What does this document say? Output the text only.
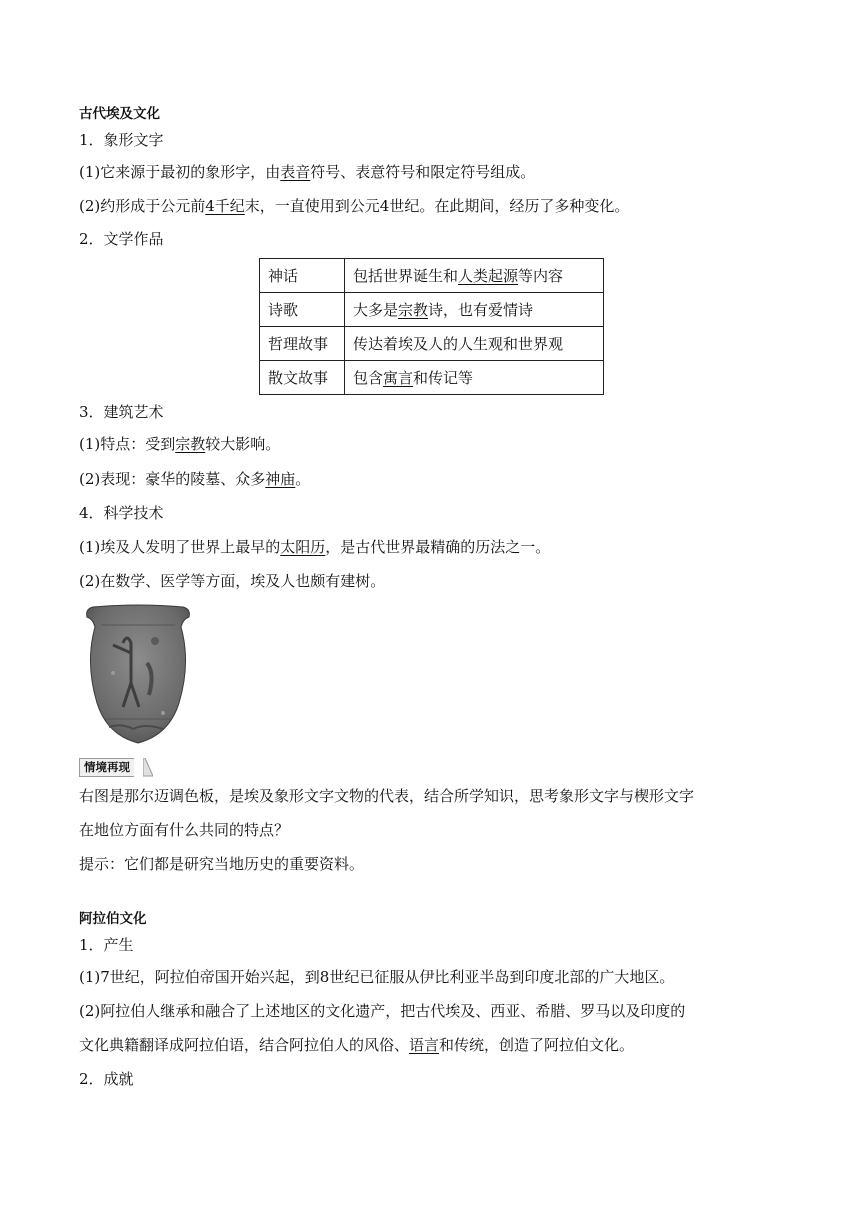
古代埃及文化
1．象形文字
(1)它来源于最初的象形字，由表音符号、表意符号和限定符号组成。
(2)约形成于公元前4千纪末，一直使用到公元4世纪。在此期间，经历了多种变化。
2．文学作品
神话	包括世界诞生和人类起源等内容
诗歌	大多是宗教诗，也有爱情诗
哲理故事	传达着埃及人的人生观和世界观
散文故事	包含寓言和传记等
3．建筑艺术
(1)特点：受到宗教较大影响。
(2)表现：豪华的陵墓、众多神庙。
4．科学技术
(1)埃及人发明了世界上最早的太阳历，是古代世界最精确的历法之一。
(2)在数学、医学等方面，埃及人也颇有建树。
情境再现
右图是那尔迈调色板，是埃及象形文字文物的代表，结合所学知识，思考象形文字与楔形文字
在地位方面有什么共同的特点？
提示：它们都是研究当地历史的重要资料。
阿拉伯文化
1．产生
(1)7世纪，阿拉伯帝国开始兴起，到8世纪已征服从伊比利亚半岛到印度北部的广大地区。
(2)阿拉伯人继承和融合了上述地区的文化遗产，把古代埃及、西亚、希腊、罗马以及印度的
文化典籍翻译成阿拉伯语，结合阿拉伯人的风俗、语言和传统，创造了阿拉伯文化。
2．成就
